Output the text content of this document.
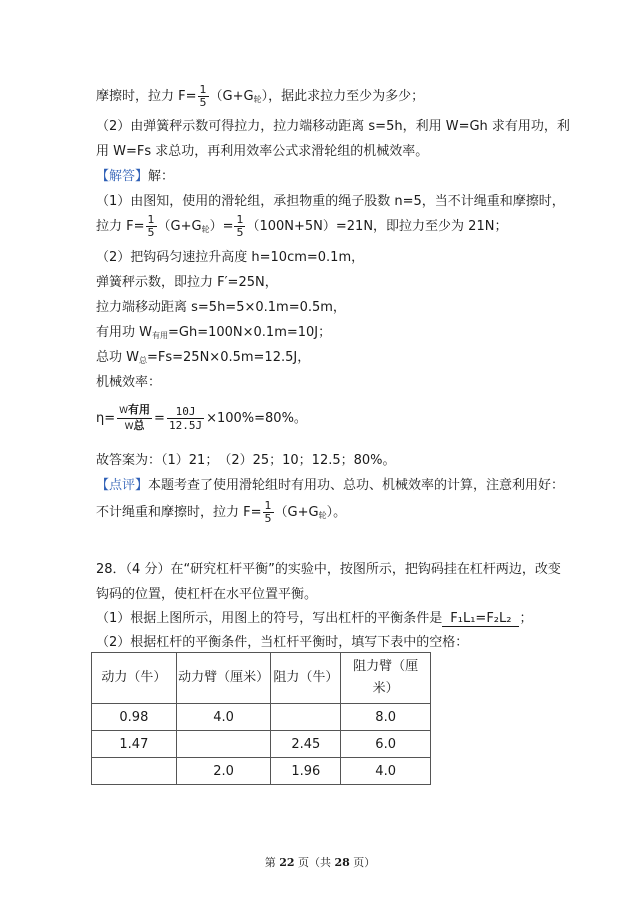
摩擦时，拉力 $F= \frac{1}{5} (G+G_轮)$，据此求拉力至少为多少；
（2）由弹簧秤示数可得拉力，拉力端移动距离 s=5h，利用 W=Gh 求有用功，利
用 W=Fs 求总功，再利用效率公式求滑轮组的机械效率。
【解答】解：
（1）由图知，使用的滑轮组，承担物重的绳子股数 n=5，当不计绳重和摩擦时，
拉力 $F= \frac{1}{5} (G+G_轮)= \frac{1}{5} (100N+5N)=21N$，即拉力至少为 21N；
（2）把钩码匀速拉升高度 h=10cm=0.1m，
弹簧秤示数，即拉力 F′=25N，
拉力端移动距离 s=5h=5×0.1m=0.5m，
有用功 $W_{有用}=Gh=100N\times 0.1m=10J$；
总功 $W_总=Fs=25N\times 0.5m=12.5J$，
机械效率：
$\eta= \frac{\text{W有用}}{\text{W总}} = \frac{10J}{12.5J} \times 100\%=80\%$。
故答案为：（1）21；　（2）25；10；12.5；80%。
【点评】本题考查了使用滑轮组时有用功、总功、机械效率的计算，注意利用好：
不计绳重和摩擦时，拉力 $F= \frac{1}{5} (G+G_轮)$。
28．（4 分）在“研究杠杆平衡”的实验中，按图所示，把钩码挂在杠杆两边，改变
钩码的位置，使杠杆在水平位置平衡。
（1）根据上图所示，用图上的符号，写出杠杆的平衡条件是 F₁L₁=F₂L₂ ；
（2）根据杠杆的平衡条件，当杠杆平衡时，填写下表中的空格：
动力（牛）	动力臂（厘米）	阻力（牛）	阻力臂（厘
米）
0.98	4.0		8.0
1.47		2.45	6.0
	2.0	1.96	4.0
第 22 页（共 28 页）
